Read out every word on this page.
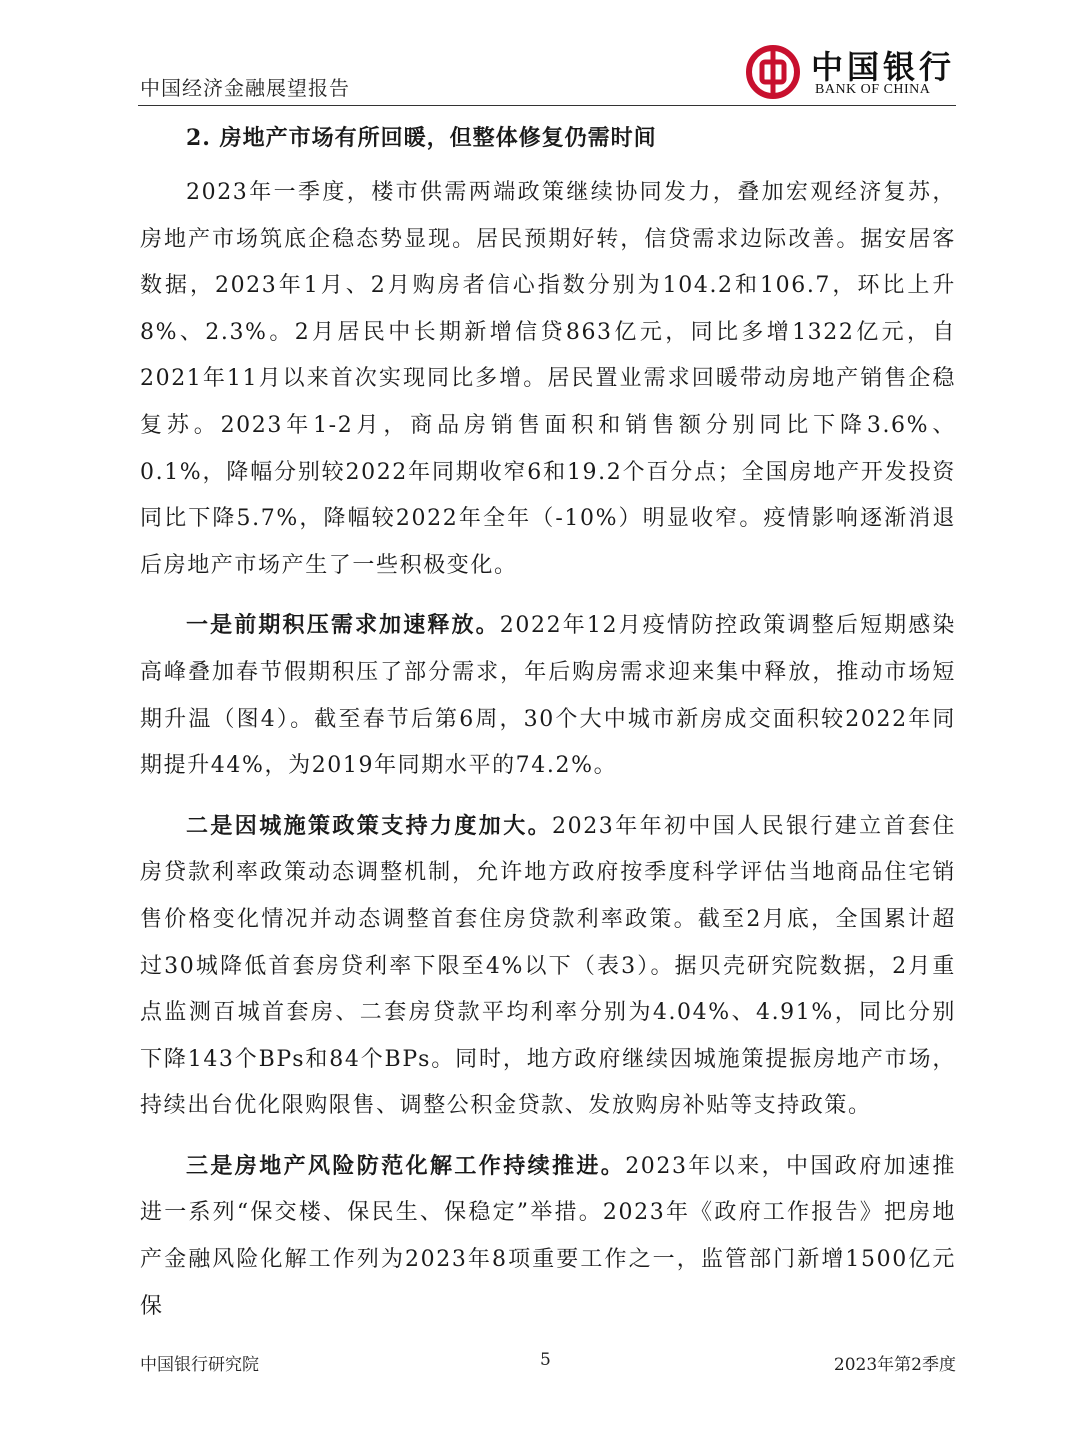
中国经济金融展望报告
中国银行
BANK OF CHINA
2. 房地产市场有所回暖，但整体修复仍需时间

2023年一季度，楼市供需两端政策继续协同发力，叠加宏观经济复苏，房地产市场筑底企稳态势显现。居民预期好转，信贷需求边际改善。据安居客数据，2023年1月、2月购房者信心指数分别为104.2和106.7，环比上升8%、2.3%。2月居民中长期新增信贷863亿元，同比多增1322亿元，自2021年11月以来首次实现同比多增。居民置业需求回暖带动房地产销售企稳复苏。2023年1-2月，商品房销售面积和销售额分别同比下降3.6%、0.1%，降幅分别较2022年同期收窄6和19.2个百分点；全国房地产开发投资同比下降5.7%，降幅较2022年全年（-10%）明显收窄。疫情影响逐渐消退后房地产市场产生了一些积极变化。

一是前期积压需求加速释放。2022年12月疫情防控政策调整后短期感染高峰叠加春节假期积压了部分需求，年后购房需求迎来集中释放，推动市场短期升温（图4）。截至春节后第6周，30个大中城市新房成交面积较2022年同期提升44%，为2019年同期水平的74.2%。

二是因城施策政策支持力度加大。2023年年初中国人民银行建立首套住房贷款利率政策动态调整机制，允许地方政府按季度科学评估当地商品住宅销售价格变化情况并动态调整首套住房贷款利率政策。截至2月底，全国累计超过30城降低首套房贷利率下限至4%以下（表3）。据贝壳研究院数据，2月重点监测百城首套房、二套房贷款平均利率分别为4.04%、4.91%，同比分别下降143个BPs和84个BPs。同时，地方政府继续因城施策提振房地产市场，持续出台优化限购限售、调整公积金贷款、发放购房补贴等支持政策。

三是房地产风险防范化解工作持续推进。2023年以来，中国政府加速推进一系列“保交楼、保民生、保稳定”举措。2023年《政府工作报告》把房地产金融风险化解工作列为2023年8项重要工作之一，监管部门新增1500亿元保

中国银行研究院	5	2023年第2季度
